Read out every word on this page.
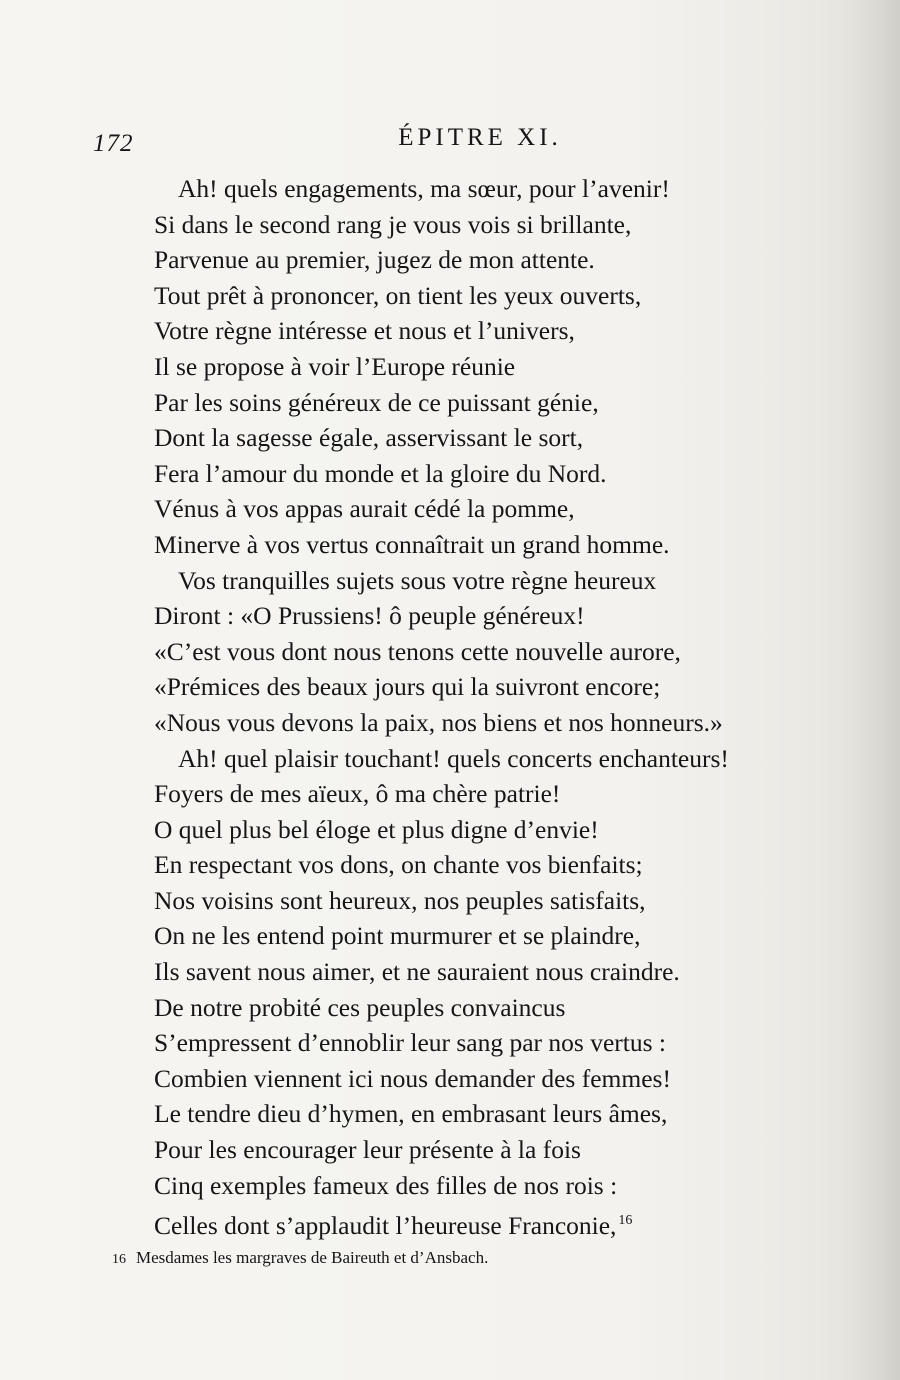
172	ÉPITRE XI.
Ah! quels engagements, ma sœur, pour l’avenir!
Si dans le second rang je vous vois si brillante,
Parvenue au premier, jugez de mon attente.
Tout prêt à prononcer, on tient les yeux ouverts,
Votre règne intéresse et nous et l’univers,
Il se propose à voir l’Europe réunie
Par les soins généreux de ce puissant génie,
Dont la sagesse égale, asservissant le sort,
Fera l’amour du monde et la gloire du Nord.
Vénus à vos appas aurait cédé la pomme,
Minerve à vos vertus connaîtrait un grand homme.
Vos tranquilles sujets sous votre règne heureux
Diront : «O Prussiens! ô peuple généreux!
«C’est vous dont nous tenons cette nouvelle aurore,
«Prémices des beaux jours qui la suivront encore;
«Nous vous devons la paix, nos biens et nos honneurs.»
Ah! quel plaisir touchant! quels concerts enchanteurs!
Foyers de mes aïeux, ô ma chère patrie!
O quel plus bel éloge et plus digne d’envie!
En respectant vos dons, on chante vos bienfaits;
Nos voisins sont heureux, nos peuples satisfaits,
On ne les entend point murmurer et se plaindre,
Ils savent nous aimer, et ne sauraient nous craindre.
De notre probité ces peuples convaincus
S’empressent d’ennoblir leur sang par nos vertus :
Combien viennent ici nous demander des femmes!
Le tendre dieu d’hymen, en embrasant leurs âmes,
Pour les encourager leur présente à la fois
Cinq exemples fameux des filles de nos rois :
Celles dont s’applaudit l’heureuse Franconie, $^{16}$
16 Mesdames les margraves de Baireuth et d’Ansbach.
